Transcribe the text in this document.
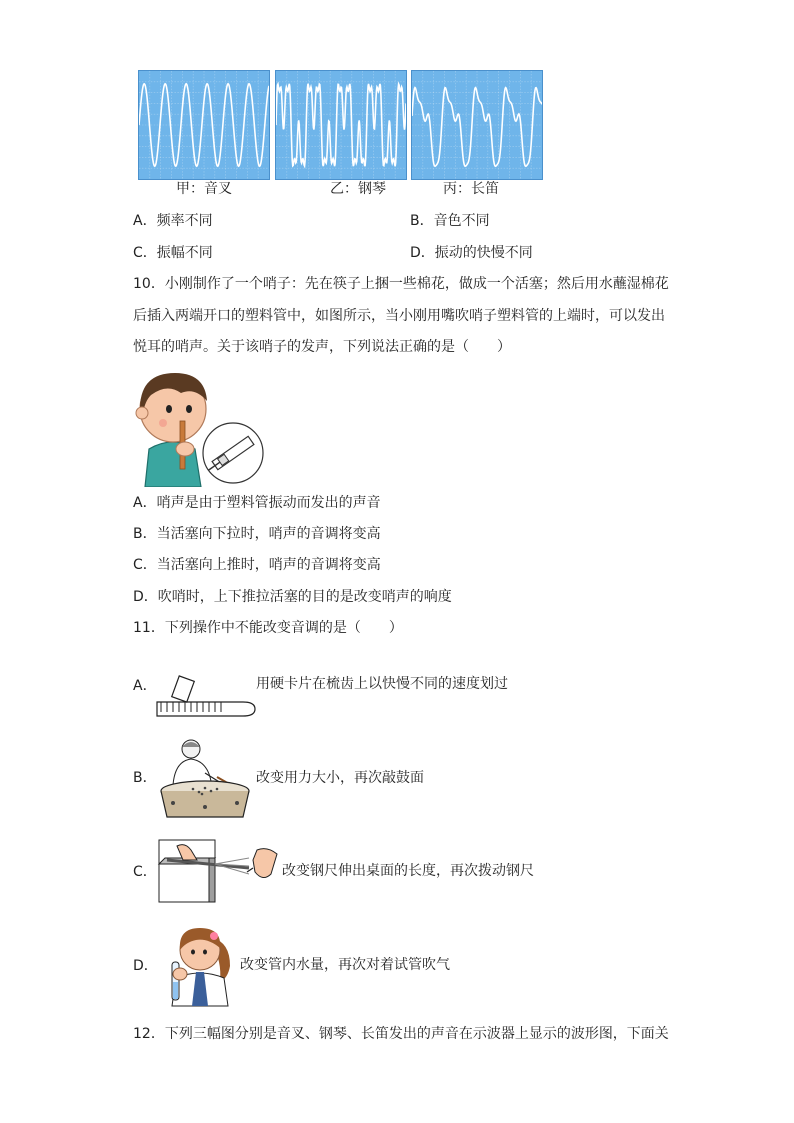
甲：音叉	乙：钢琴	丙：长笛
A．频率不同	B．音色不同
C．振幅不同	D．振动的快慢不同
10．小刚制作了一个哨子：先在筷子上捆一些棉花，做成一个活塞；然后用水蘸湿棉花
后插入两端开口的塑料管中，如图所示，当小刚用嘴吹哨子塑料管的上端时，可以发出
悦耳的哨声。关于该哨子的发声，下列说法正确的是（　　）
A．哨声是由于塑料管振动而发出的声音
B．当活塞向下拉时，哨声的音调将变高
C．当活塞向上推时，哨声的音调将变高
D．吹哨时，上下推拉活塞的目的是改变哨声的响度
11．下列操作中不能改变音调的是（　　）
A．	用硬卡片在梳齿上以快慢不同的速度划过
B．	改变用力大小，再次敲鼓面
C．	改变钢尺伸出桌面的长度，再次拨动钢尺
D．	改变管内水量，再次对着试管吹气
12．下列三幅图分别是音叉、钢琴、长笛发出的声音在示波器上显示的波形图，下面关
